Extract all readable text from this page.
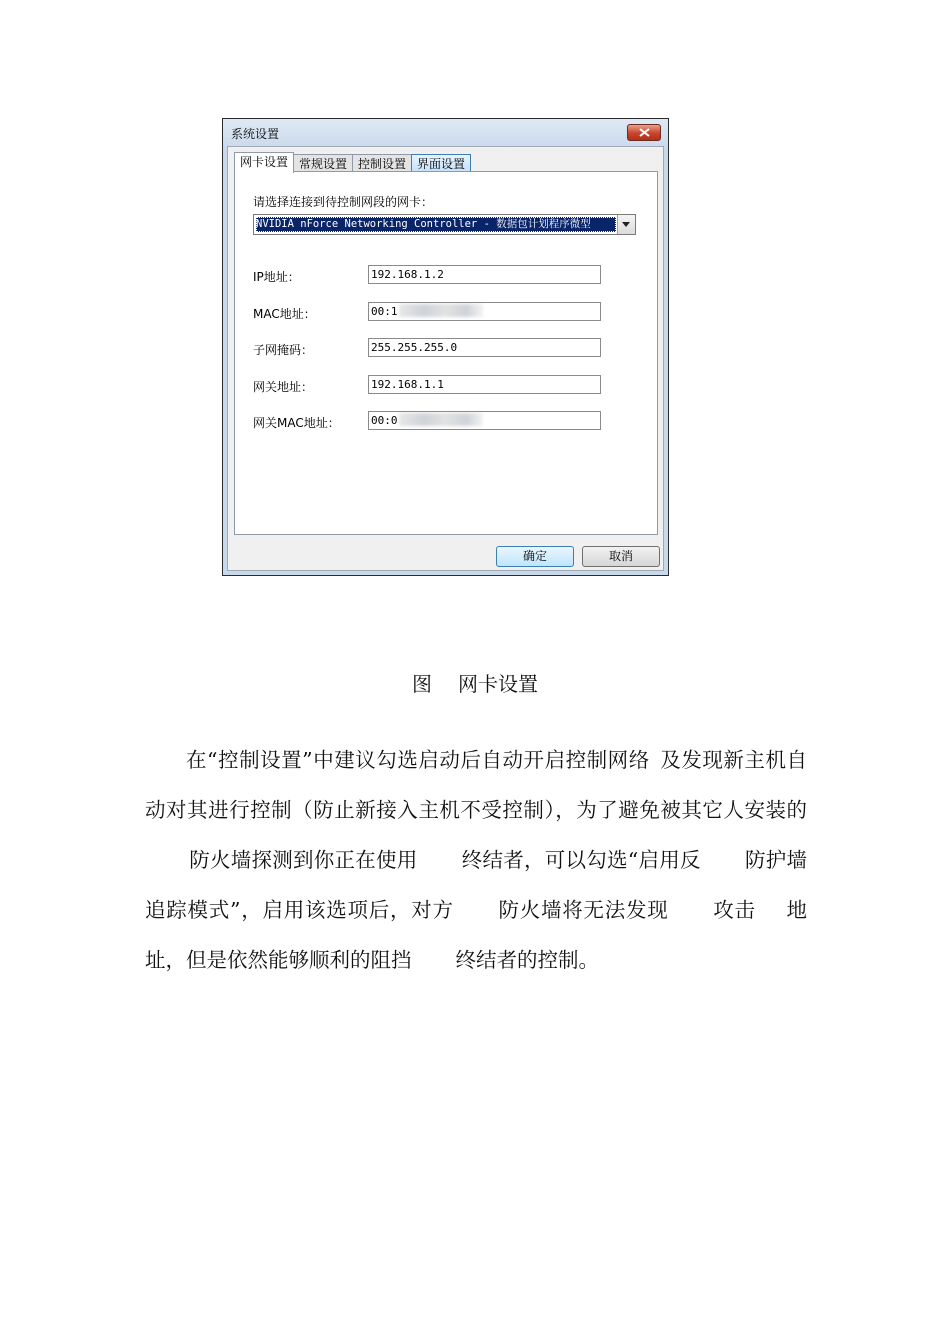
系统设置
网卡设置 常规设置 控制设置 界面设置
请选择连接到待控制网段的网卡：
NVIDIA nForce Networking Controller - 数据包计划程序微型
IP地址：	192.168.1.2
MAC地址：	00:1
子网掩码：	255.255.255.0
网关地址：	192.168.1.1
网关MAC地址：	00:0
确定	取消
图 网卡设置
在“控制设置”中建议勾选启动后自动开启控制网络 及发现新主机自动对其进行控制（防止新接入主机不受控制），为了避免被其它人安装的防火墙探测到你正在使用 终结者，可以勾选“启用反 防护墙追踪模式”，启用该选项后，对方 防火墙将无法发现 攻击 地址，但是依然能够顺利的阻挡 终结者的控制。
